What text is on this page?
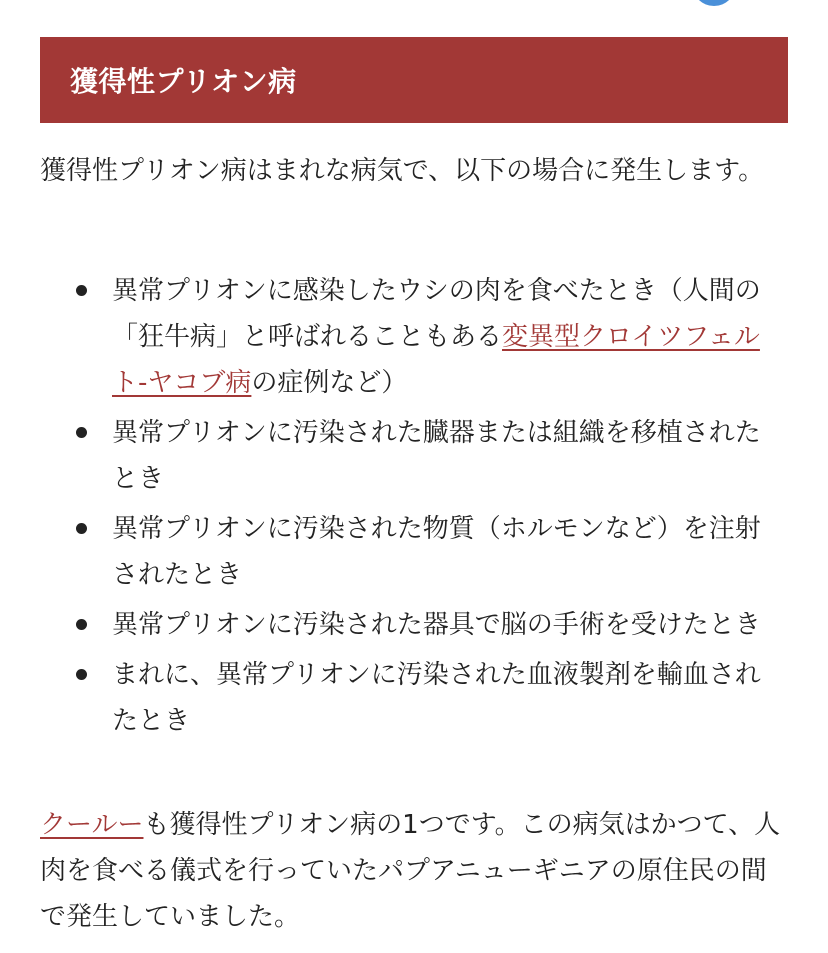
獲得性プリオン病

獲得性プリオン病はまれな病気で、以下の場合に発生します。

異常プリオンに感染したウシの肉を食べたとき（人間の「狂牛病」と呼ばれることもある変異型クロイツフェルト-ヤコブ病の症例など）
異常プリオンに汚染された臓器または組織を移植されたとき
異常プリオンに汚染された物質（ホルモンなど）を注射されたとき
異常プリオンに汚染された器具で脳の手術を受けたとき
まれに、異常プリオンに汚染された血液製剤を輸血されたとき

クールーも獲得性プリオン病の1つです。この病気はかつて、人肉を食べる儀式を行っていたパプアニューギニアの原住民の間で発生していました。
